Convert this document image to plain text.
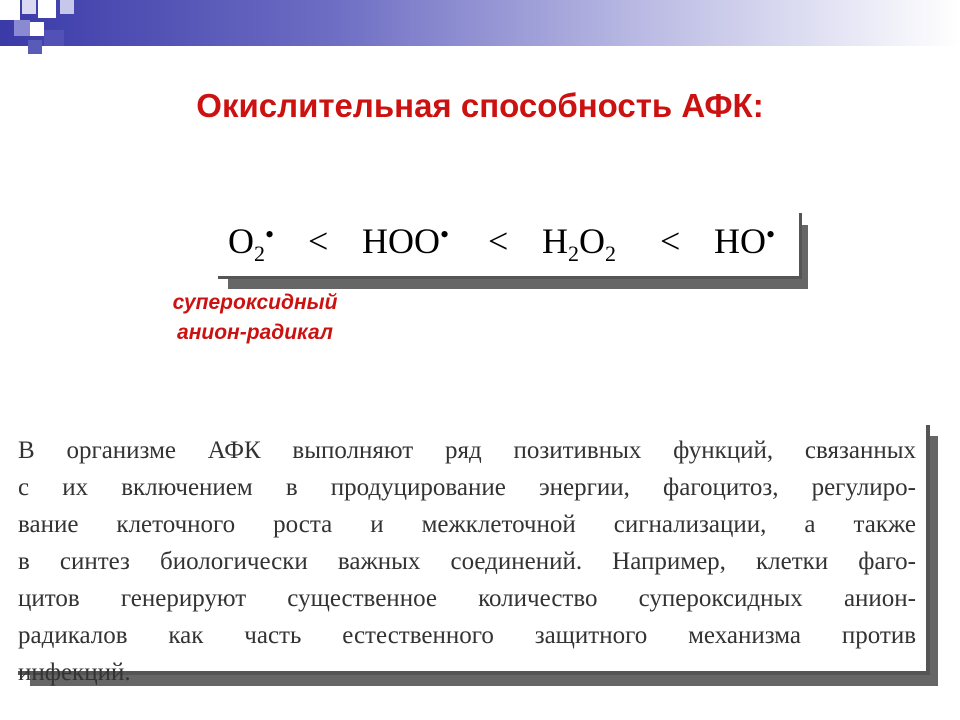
Окислительная способность АФК:
$O_2^• < HOO^• < H_2O_2 < HO^•$
супероксидный
анион-радикал
В организме АФК выполняют ряд позитивных функций, связанных
с их включением в продуцирование энергии, фагоцитоз, регулиро-
вание клеточного роста и межклеточной сигнализации, а также
в синтез биологически важных соединений. Например, клетки фаго-
цитов генерируют существенное количество супероксидных анион-
радикалов как часть естественного защитного механизма против
инфекций.
